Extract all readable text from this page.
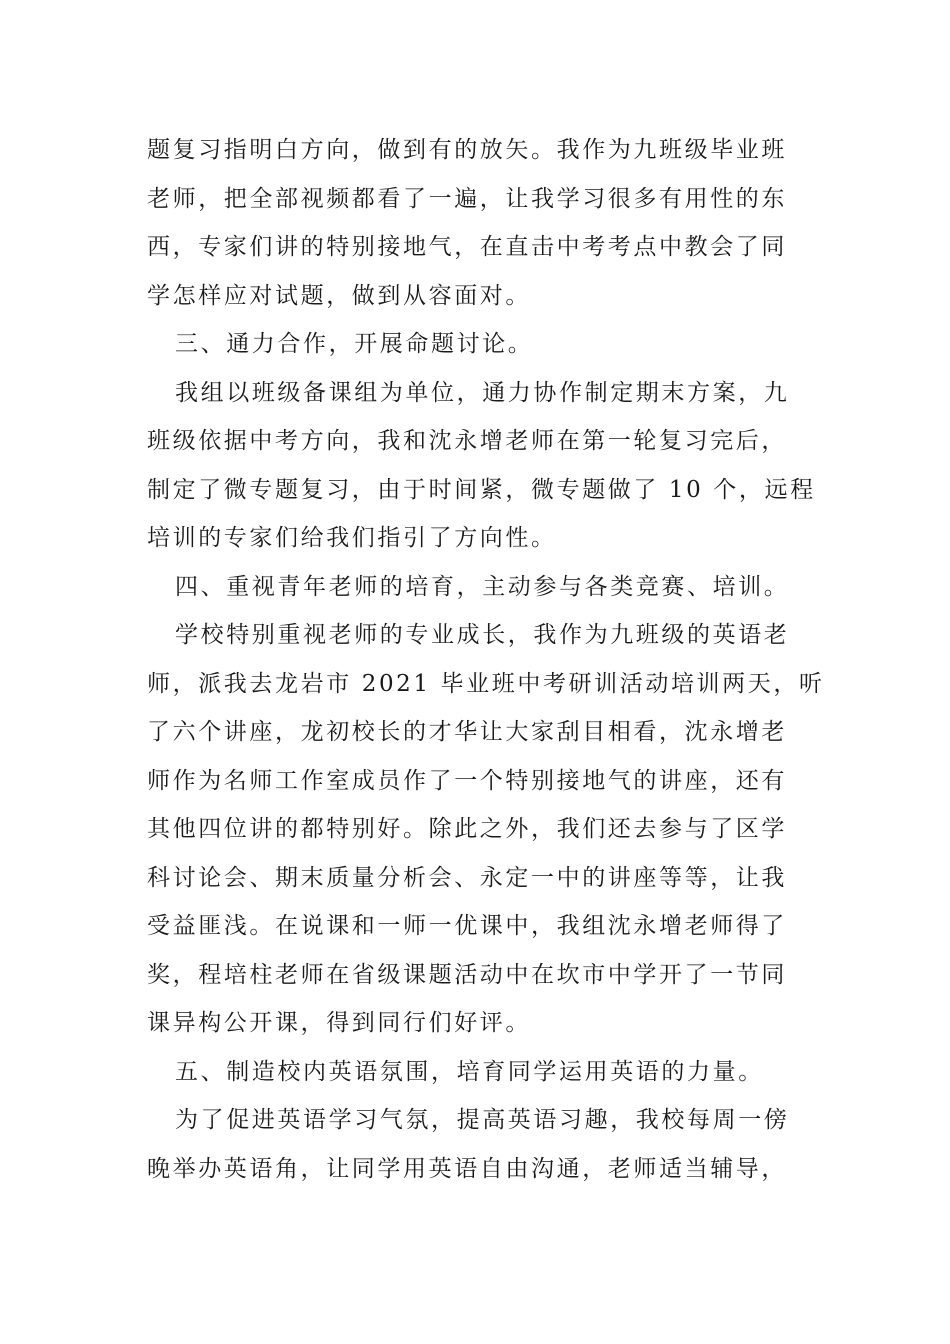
题复习指明白方向，做到有的放矢。我作为九班级毕业班
老师，把全部视频都看了一遍，让我学习很多有用性的东
西，专家们讲的特别接地气，在直击中考考点中教会了同
学怎样应对试题，做到从容面对。
三、通力合作，开展命题讨论。
我组以班级备课组为单位，通力协作制定期末方案，九
班级依据中考方向，我和沈永增老师在第一轮复习完后，
制定了微专题复习，由于时间紧，微专题做了 10 个，远程
培训的专家们给我们指引了方向性。
四、重视青年老师的培育，主动参与各类竞赛、培训。
学校特别重视老师的专业成长，我作为九班级的英语老
师，派我去龙岩市 2021 毕业班中考研训活动培训两天，听
了六个讲座，龙初校长的才华让大家刮目相看，沈永增老
师作为名师工作室成员作了一个特别接地气的讲座，还有
其他四位讲的都特别好。除此之外，我们还去参与了区学
科讨论会、期末质量分析会、永定一中的讲座等等，让我
受益匪浅。在说课和一师一优课中，我组沈永增老师得了
奖，程培柱老师在省级课题活动中在坎市中学开了一节同
课异构公开课，得到同行们好评。
五、制造校内英语氛围，培育同学运用英语的力量。
为了促进英语学习气氛，提高英语习趣，我校每周一傍
晚举办英语角，让同学用英语自由沟通，老师适当辅导，
